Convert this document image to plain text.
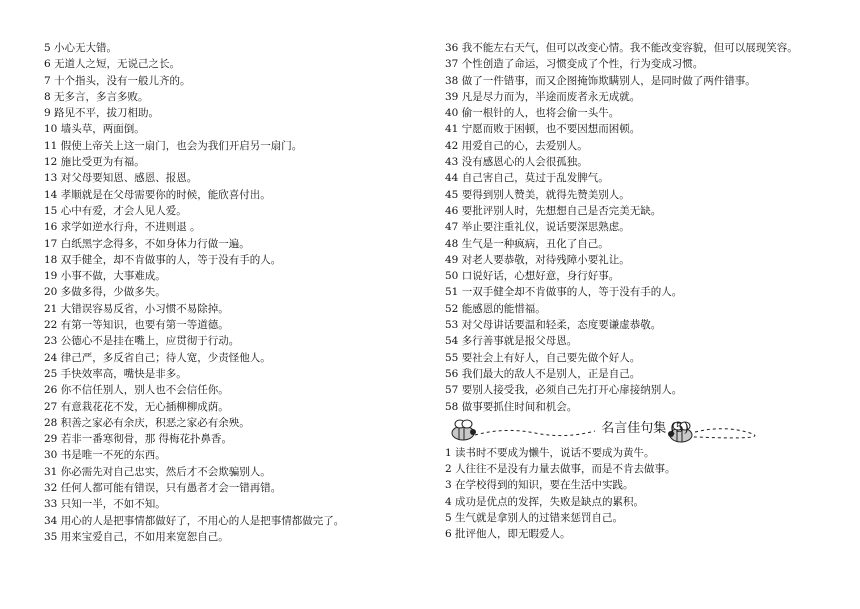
5 小心无大错。
6 无道人之短，无说己之长。
7 十个指头，没有一般儿齐的。
8 无多言，多言多败。
9 路见不平，拔刀相助。
10 墙头草，两面倒。
11 假使上帝关上这一扇门，也会为我们开启另一扇门。
12 施比受更为有福。
13 对父母要知恩、感恩、报恩。
14 孝顺就是在父母需要你的时候，能欣喜付出。
15 心中有爱，才会人见人爱。
16 求学如逆水行舟，不进则退 。
17 白纸黑字念得多，不如身体力行做一遍。
18 双手健全，却不肯做事的人，等于没有手的人。
19 小事不做，大事难成。
20 多做多得，少做多失。
21 大错误容易反省，小习惯不易除掉。
22 有第一等知识，也要有第一等道德。
23 公德心不是挂在嘴上，应贯彻于行动。
24 律己严，多反省自己；待人宽，少责怪他人。
25 手快效率高，嘴快是非多。
26 你不信任别人，别人也不会信任你。
27 有意栽花花不发，无心插柳柳成荫。
28 积善之家必有余庆，积恶之家必有余殃。
29 若非一番寒彻骨，那 得梅花扑鼻香。
30 书是唯一不死的东西。
31 你必需先对自己忠实，然后才不会欺骗别人。
32 任何人都可能有错误，只有愚者才会一错再错。
33 只知一半，不如不知。
34 用心的人是把事情都做好了，不用心的人是把事情都做完了。
35 用来宝爱自己，不如用来宽恕自己。
36 我不能左右天气，但可以改变心情。我不能改变容貌，但可以展现笑容。
37 个性创造了命运，习惯变成了个性，行为变成习惯。
38 做了一件错事，而又企图掩饰欺瞒别人，是同时做了两件错事。
39 凡是尽力而为，半途而废者永无成就。
40 偷一根针的人，也将会偷一头牛。
41 宁愿而败于困顿，也不要因想而困顿。
42 用爱自己的心，去爱别人。
43 没有感恩心的人会很孤独。
44 自己害自己，莫过于乱发脾气。
45 要得到别人赞美，就得先赞美别人。
46 要批评别人时，先想想自己是否完美无缺。
47 举止要注重礼仪，说话要深思熟虑。
48 生气是一种疯病，丑化了自己。
49 对老人要恭敬，对待残障小要礼让。
50 口说好话，心想好意，身行好事。
51 一双手健全却不肯做事的人，等于没有手的人。
52 能感恩的能惜福。
53 对父母讲话要温和轻柔，态度要谦虚恭敬。
54 多行善事就是报父母恩。
55 要社会上有好人，自己要先做个好人。
56 我们最大的敌人不是别人，正是自己。
57 要别人接受我，必须自己先打开心扉接纳别人。
58 做事要抓住时间和机会。
名言佳句集 (5)
1 读书时不要成为懒牛，说话不要成为黄牛。
2 人往往不是没有力量去做事，而是不肯去做事。
3 在学校得到的知识，要在生活中实践。
4 成功是优点的发挥，失败是缺点的累积。
5 生气就是拿别人的过错来惩罚自己。
6 批评他人，即无暇爱人。
